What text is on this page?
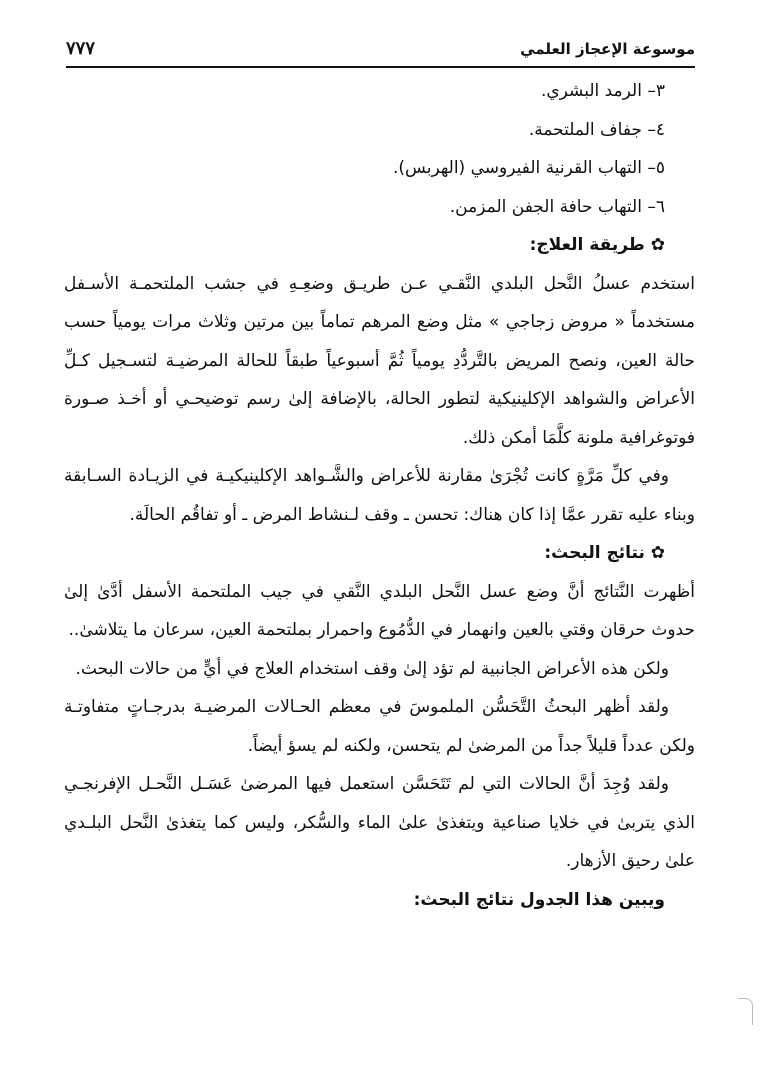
موسوعة الإعجاز العلمي
٧٧٧
٣– الرمد البشري.
٤– جفاف الملتحمة.
٥– التهاب القرنية الفيروسي (الهربس).
٦– التهاب حافة الجفن المزمن.
✿ طريقة العلاج:

استخدم عسلُ النَّحل البلدي النَّقـي عـن طريـق وضعِـهِ في جشب الملتحمـة الأسـفل مستخدماً « مروض زجاجي » مثل وضع المرهم تماماً بين مرتين وثلاث مرات يومياً حسب حالة العين، ونصح المريض بالتَّردُّدِ يومياً ثُمَّ أسبوعياً طبقاً للحالة المرضيـة لتسـجيل كـلِّ الأعراض والشواهد الإكلينيكية لتطور الحالة، بالإضافة إلىٰ رسم توضيحـي أو أخـذ صـورة فوتوغرافية ملونة كلَّمَا أمكن ذلك.

وفي كلِّ مَرَّةٍ كانت تُجْرَىٰ مقارنة للأعراض والشَّـواهد الإكلينيكيـة في الزيـادة السـابقة وبناء عليه تقرر عمَّا إذا كان هناك: تحسن ـ وقف لـنشاط المرض ـ أو تفاقُم الحالَة.

✿ نتائج البحث:

أظهرت النَّتائج أنَّ وضع عسل النَّحل البلدي النَّقي في جيب الملتحمة الأسفل أدَّىٰ إلىٰ حدوث حرقان وقتي بالعين وانهمار في الدُّمُوع واحمرار بملتحمة العين، سرعان ما يتلاشىٰ..

ولكن هذه الأعراض الجانبية لم تؤد إلىٰ وقف استخدام العلاج في أيٍّ من حالات البحث.

ولقد أظهر البحثُ التَّحَسُّن الملموسَ في معظم الحـالات المرضيـة بدرجـاتٍ متفاوتـة ولكن عدداً قليلاً جداً من المرضىٰ لم يتحسن، ولكنه لم يسؤ أيضاً.

ولقد وُجِدَ أنَّ الحالات التي لم تَتَحَسَّن استعمل فيها المرضىٰ عَسَـل النَّحـل الإفرنجـي الذي يتربىٰ في خلايا صناعية ويتغذىٰ علىٰ الماء والسُّكر، وليس كما يتغذىٰ النَّحل البلـدي علىٰ رحيق الأزهار.

ويبين هذا الجدول نتائج البحث:
